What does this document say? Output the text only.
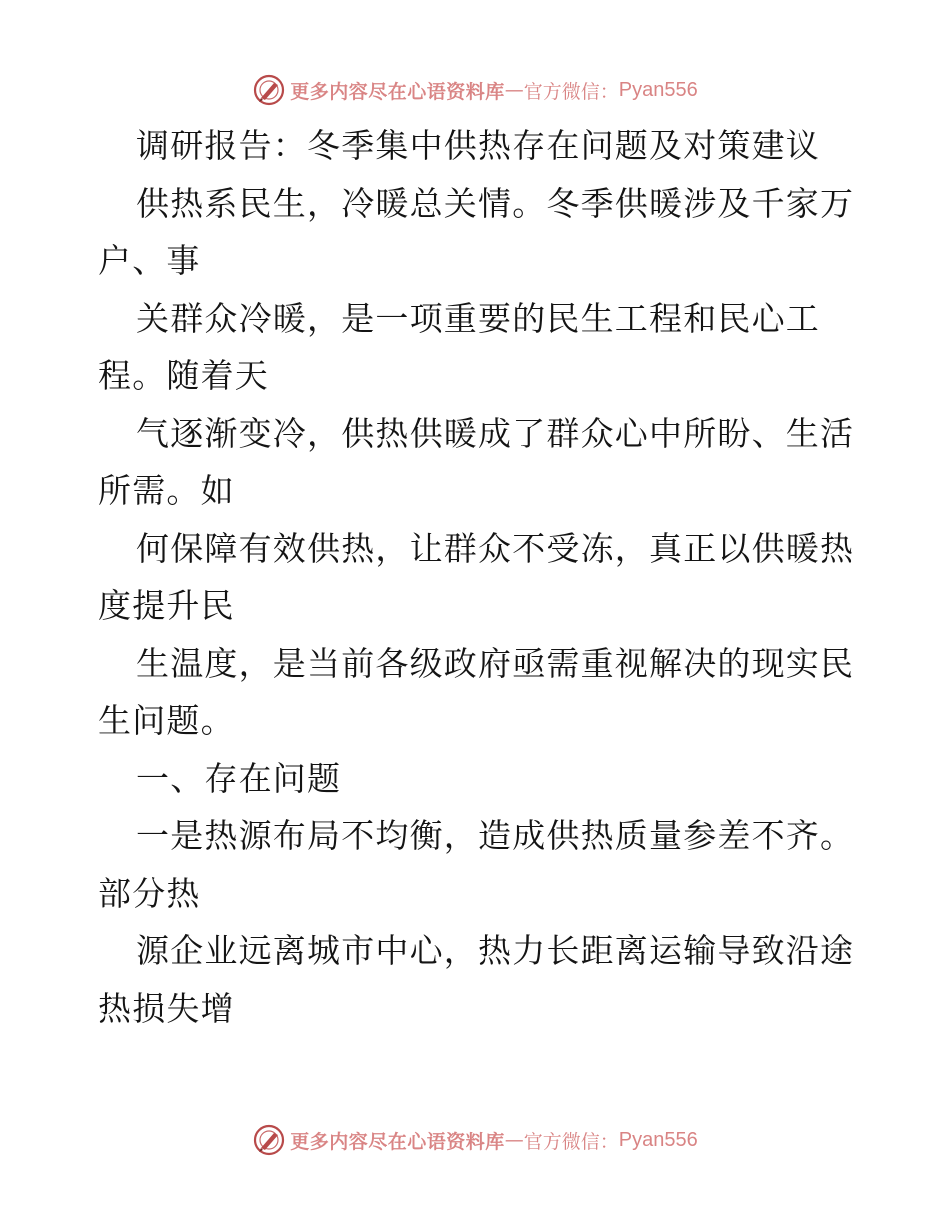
更多内容尽在心语资料库 — 官方微信： Pyan556
调研报告：冬季集中供热存在问题及对策建议
供热系民生，冷暖总关情。冬季供暖涉及千家万
户、事
关群众冷暖，是一项重要的民生工程和民心工
程。随着天
气逐渐变冷，供热供暖成了群众心中所盼、生活
所需。如
何保障有效供热，让群众不受冻，真正以供暖热
度提升民
生温度，是当前各级政府亟需重视解决的现实民
生问题。
一、存在问题
一是热源布局不均衡，造成供热质量参差不齐。
部分热
源企业远离城市中心，热力长距离运输导致沿途
热损失增
更多内容尽在心语资料库 — 官方微信： Pyan556
